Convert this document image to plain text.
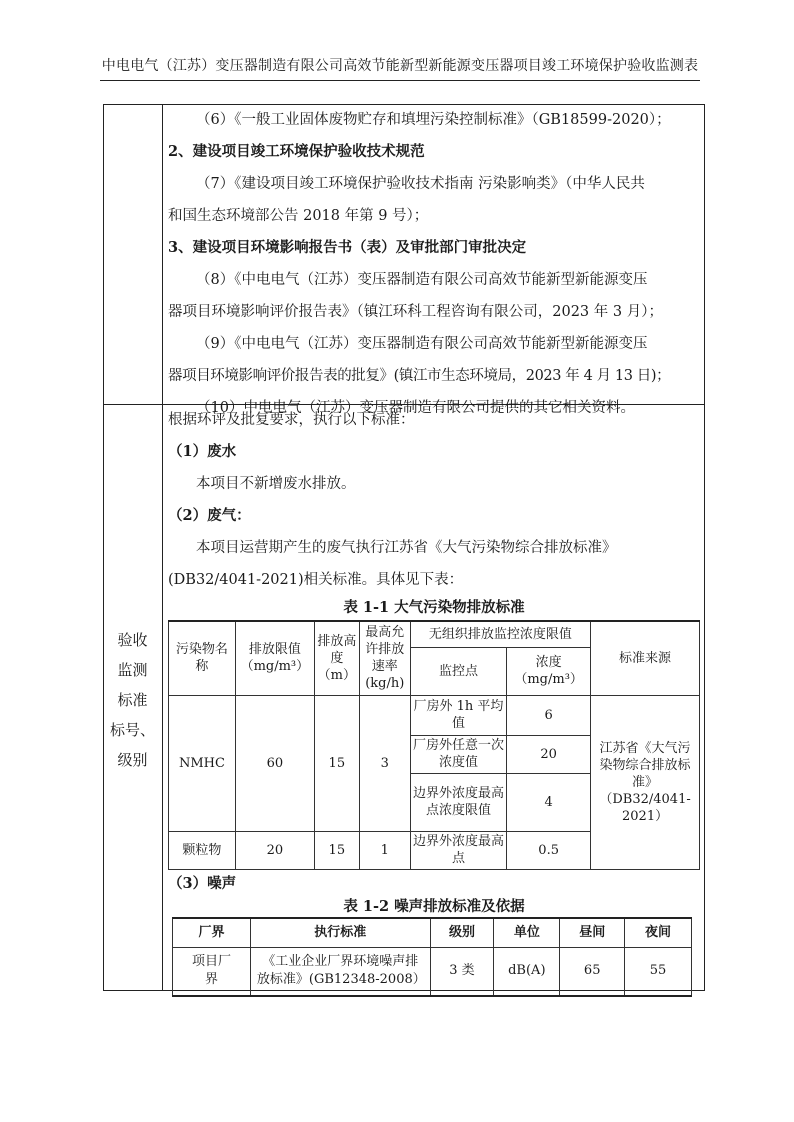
中电电气（江苏）变压器制造有限公司高效节能新型新能源变压器项目竣工环境保护验收监测表
（6）《一般工业固体废物贮存和填埋污染控制标准》（GB18599-2020）；
2、建设项目竣工环境保护验收技术规范
（7）《建设项目竣工环境保护验收技术指南 污染影响类》（中华人民共
和国生态环境部公告 2018 年第 9 号）；
3、建设项目环境影响报告书（表）及审批部门审批决定
（8）《中电电气（江苏）变压器制造有限公司高效节能新型新能源变压
器项目环境影响评价报告表》（镇江环科工程咨询有限公司，2023 年 3 月）；
（9）《中电电气（江苏）变压器制造有限公司高效节能新型新能源变压
器项目环境影响评价报告表的批复》(镇江市生态环境局，2023 年 4 月 13 日)；
（10）中电电气（江苏）变压器制造有限公司提供的其它相关资料。
验收
监测
标准
标号、
级别
根据环评及批复要求，执行以下标准：
（1）废水
本项目不新增废水排放。
（2）废气：
本项目运营期产生的废气执行江苏省《大气污染物综合排放标准》
(DB32/4041-2021)相关标准。具体见下表：
表 1-1 大气污染物排放标准
污染物名称	排放限值（mg/m³）	排放高度（m）	最高允许排放速率(kg/h)	无组织排放监控浓度限值		标准来源
				监控点	浓度（mg/m³）	
NMHC	60	15	3	厂房外 1h 平均值	6	江苏省《大气污染物综合排放标准》（DB32/4041-2021）
				厂房外任意一次浓度值	20	
				边界外浓度最高点浓度限值	4	
颗粒物	20	15	1	边界外浓度最高点	0.5	
（3）噪声
表 1-2 噪声排放标准及依据
厂界	执行标准	级别	单位	昼间	夜间
项目厂界	《工业企业厂界环境噪声排放标准》(GB12348-2008）	3 类	dB(A)	65	55
